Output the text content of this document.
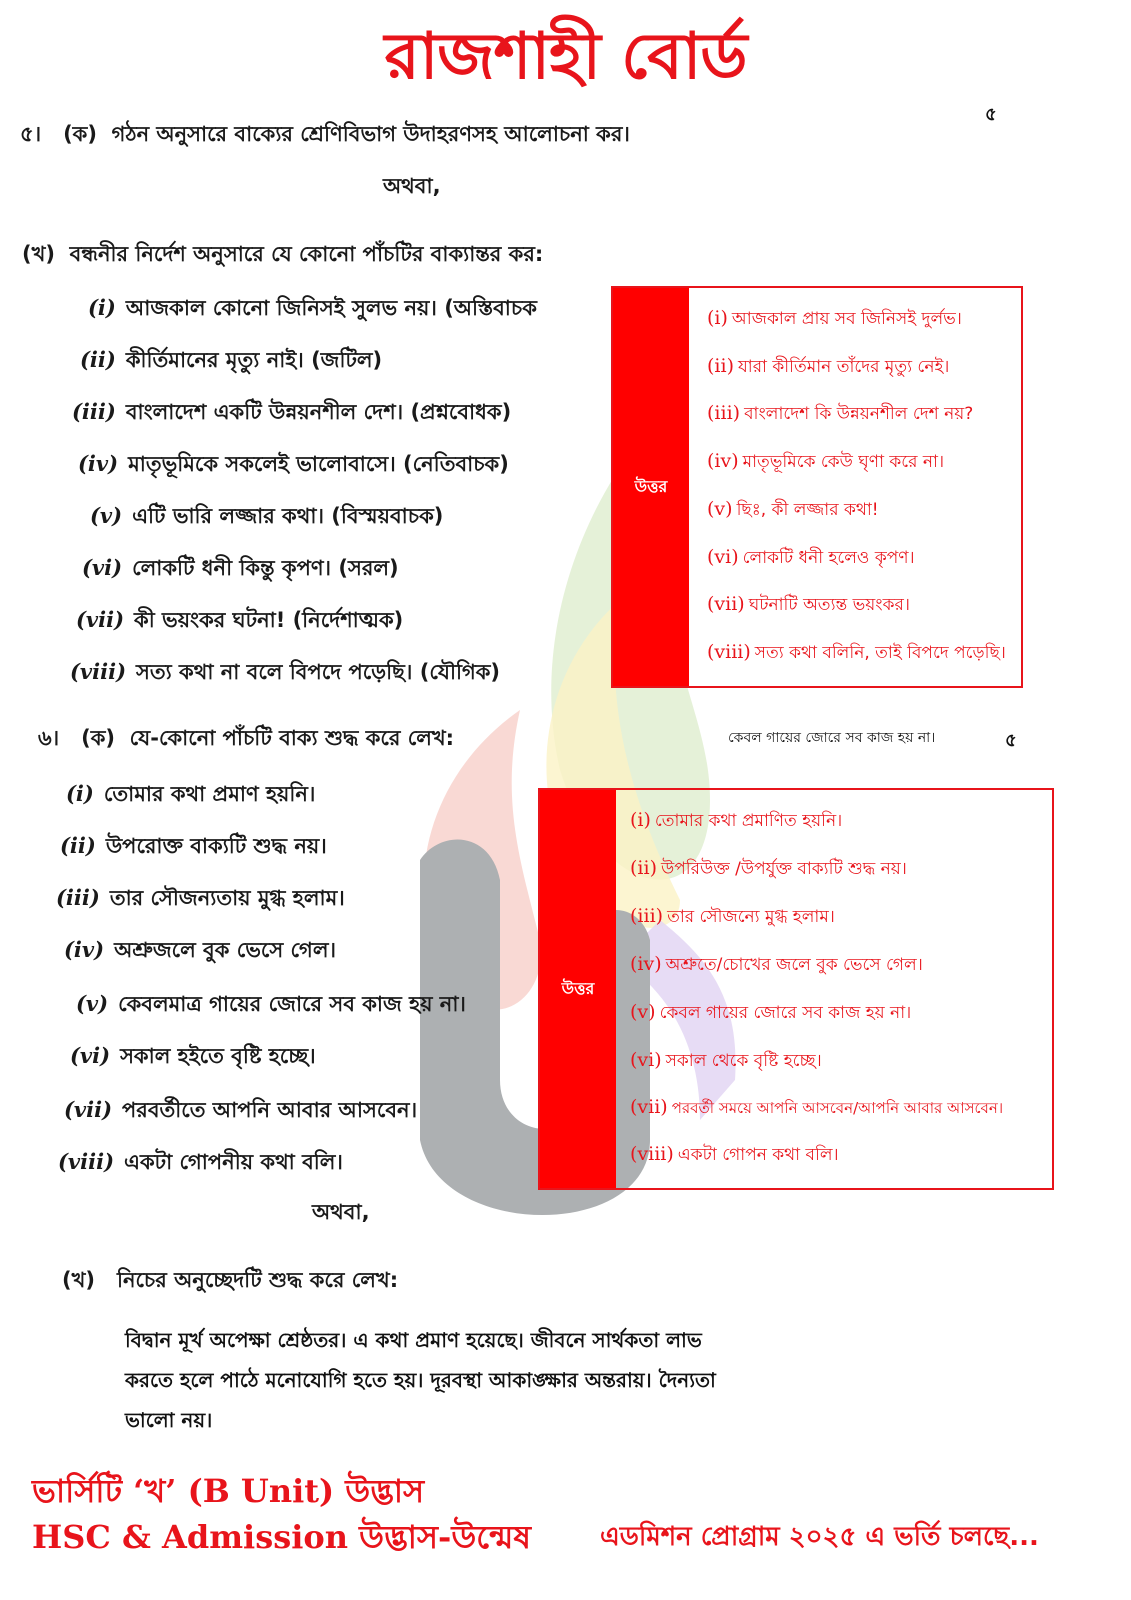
রাজশাহী বোর্ড
৫
৫। (ক) গঠন অনুসারে বাক্যের শ্রেণিবিভাগ উদাহরণসহ আলোচনা কর।
অথবা,
(খ) বন্ধনীর নির্দেশ অনুসারে যে কোনো পাঁচটির বাক্যান্তর কর:
(i) আজকাল কোনো জিনিসই সুলভ নয়। (অস্তিবাচক
(ii) কীর্তিমানের মৃত্যু নাই। (জটিল)
(iii) বাংলাদেশ একটি উন্নয়নশীল দেশ। (প্রশ্নবোধক)
(iv) মাতৃভূমিকে সকলেই ভালোবাসে। (নেতিবাচক)
(v) এটি ভারি লজ্জার কথা। (বিস্ময়বাচক)
(vi) লোকটি ধনী কিন্তু কৃপণ। (সরল)
(vii) কী ভয়ংকর ঘটনা! (নির্দেশাত্মক)
(viii) সত্য কথা না বলে বিপদে পড়েছি। (যৌগিক)
উত্তর
(i) আজকাল প্রায় সব জিনিসই দুর্লভ।
(ii) যারা কীর্তিমান তাঁদের মৃত্যু নেই।
(iii) বাংলাদেশ কি উন্নয়নশীল দেশ নয়?
(iv) মাতৃভূমিকে কেউ ঘৃণা করে না।
(v) ছিঃ, কী লজ্জার কথা!
(vi) লোকটি ধনী হলেও কৃপণ।
(vii) ঘটনাটি অত্যন্ত ভয়ংকর।
(viii) সত্য কথা বলিনি, তাই বিপদে পড়েছি।
৬। (ক) যে-কোনো পাঁচটি বাক্য শুদ্ধ করে লেখ:	কেবল গায়ের জোরে সব কাজ হয় না।	৫
(i) তোমার কথা প্রমাণ হয়নি।
(ii) উপরোক্ত বাক্যটি শুদ্ধ নয়।
(iii) তার সৌজন্যতায় মুগ্ধ হলাম।
(iv) অশ্রুজলে বুক ভেসে গেল।
(v) কেবলমাত্র গায়ের জোরে সব কাজ হয় না।
(vi) সকাল হইতে বৃষ্টি হচ্ছে।
(vii) পরবর্তীতে আপনি আবার আসবেন।
(viii) একটা গোপনীয় কথা বলি।
উত্তর
(i) তোমার কথা প্রমাণিত হয়নি।
(ii) উপরিউক্ত /উপর্যুক্ত বাক্যটি শুদ্ধ নয়।
(iii) তার সৌজন্যে মুগ্ধ হলাম।
(iv) অশ্রুতে/চোখের জলে বুক ভেসে গেল।
(v) কেবল গায়ের জোরে সব কাজ হয় না।
(vi) সকাল থেকে বৃষ্টি হচ্ছে।
(vii) পরবর্তী সময়ে আপনি আসবেন/আপনি আবার আসবেন।
(viii) একটা গোপন কথা বলি।
অথবা,
(খ) নিচের অনুচ্ছেদটি শুদ্ধ করে লেখ:
বিদ্বান মূর্খ অপেক্ষা শ্রেষ্ঠতর। এ কথা প্রমাণ হয়েছে। জীবনে সার্থকতা লাভ
করতে হলে পাঠে মনোযোগি হতে হয়। দূরবস্থা আকাঙ্ক্ষার অন্তরায়। দৈন্যতা
ভালো নয়।
ভার্সিটি ‘খ’ (B Unit) উদ্ভাস
HSC & Admission উদ্ভাস-উন্মেষ	এডমিশন প্রোগ্রাম ২০২৫ এ ভর্তি চলছে...
